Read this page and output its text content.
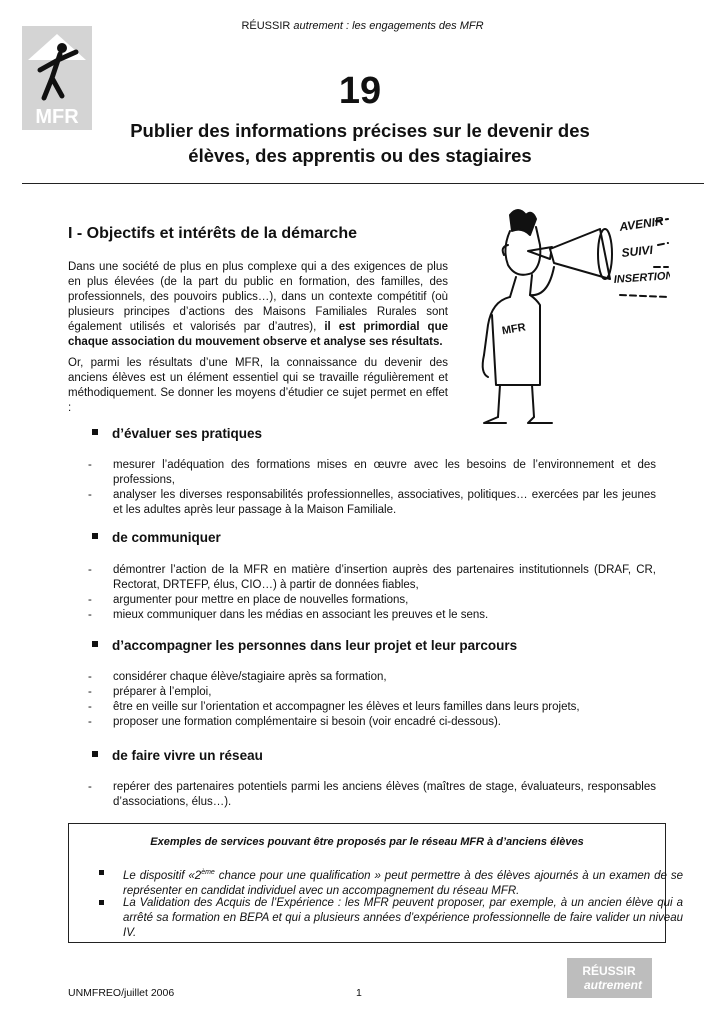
RÉUSSIR autrement : les engagements des MFR
MFR
19
Publier des informations précises sur le devenir des
élèves, des apprentis ou des stagiaires
I - Objectifs et intérêts de la démarche
Dans une société de plus en plus complexe qui a des exigences de plus en plus élevées (de la part du public en formation, des familles, des professionnels, des pouvoirs publics…), dans un contexte compétitif (où plusieurs principes d’actions des Maisons Familiales Rurales sont également utilisés et valorisés par d’autres), il est primordial que chaque association du mouvement observe et analyse ses résultats.
Or, parmi les résultats d’une MFR, la connaissance du devenir des anciens élèves est un élément essentiel qui se travaille régulièrement et méthodiquement. Se donner les moyens d’étudier ce sujet permet en effet :
MFR
AVENIR
SUIVI
INSERTION
d’évaluer ses pratiques
- mesurer l’adéquation des formations mises en œuvre avec les besoins de l’environnement et des professions,
- analyser les diverses responsabilités professionnelles, associatives, politiques… exercées par les jeunes et les adultes après leur passage à la Maison Familiale.
de communiquer
- démontrer l’action de la MFR en matière d’insertion auprès des partenaires institutionnels (DRAF, CR, Rectorat, DRTEFP, élus, CIO…) à partir de données fiables,
- argumenter pour mettre en place de nouvelles formations,
- mieux communiquer dans les médias en associant les preuves et le sens.
d’accompagner les personnes dans leur projet et leur parcours
- considérer chaque élève/stagiaire après sa formation,
- préparer à l’emploi,
- être en veille sur l’orientation et accompagner les élèves et leurs familles dans leurs projets,
- proposer une formation complémentaire si besoin (voir encadré ci-dessous).
de faire vivre un réseau
- repérer des partenaires potentiels parmi les anciens élèves (maîtres de stage, évaluateurs, responsables d’associations, élus…).
Exemples de services pouvant être proposés par le réseau MFR à d’anciens élèves
Le dispositif «2ème chance pour une qualification » peut permettre à des élèves ajournés à un examen de se représenter en candidat individuel avec un accompagnement du réseau MFR.
La Validation des Acquis de l’Expérience : les MFR peuvent proposer, par exemple, à un ancien élève qui a arrêté sa formation en BEPA et qui a plusieurs années d’expérience professionnelle de faire valider un niveau IV.
UNMFREO/juillet 2006	1
RÉUSSIR
autrement
